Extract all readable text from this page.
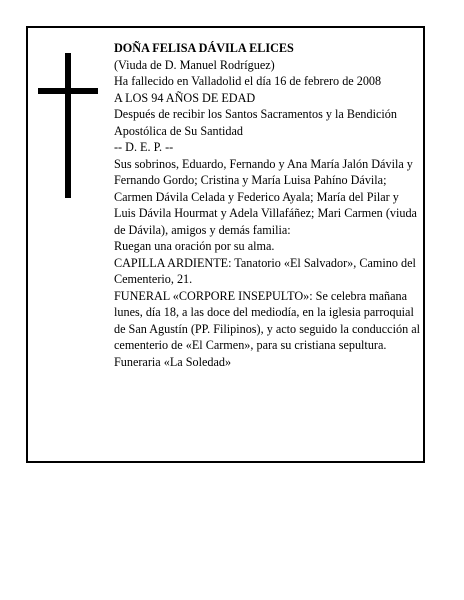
DOÑA FELISA DÁVILA ELICES

(Viuda de D. Manuel Rodríguez)

Ha fallecido en Valladolid el día 16 de febrero de 2008

A LOS 94 AÑOS DE EDAD

Después de recibir los Santos Sacramentos y la Bendición Apostólica de Su Santidad

-- D. E. P. --

Sus sobrinos, Eduardo, Fernando y Ana María Jalón Dávila y Fernando Gordo; Cristina y María Luisa Pahíno Dávila; Carmen Dávila Celada y Federico Ayala; María del Pilar y Luis Dávila Hourmat y Adela Villafáñez; Mari Carmen (viuda de Dávila), amigos y demás familia:

Ruegan una oración por su alma.

CAPILLA ARDIENTE: Tanatorio «El Salvador», Camino del Cementerio, 21.

FUNERAL «CORPORE INSEPULTO»: Se celebra mañana lunes, día 18, a las doce del mediodía, en la iglesia parroquial de San Agustín (PP. Filipinos), y acto seguido la conducción al cementerio de «El Carmen», para su cristiana sepultura.

Funeraria «La Soledad»
